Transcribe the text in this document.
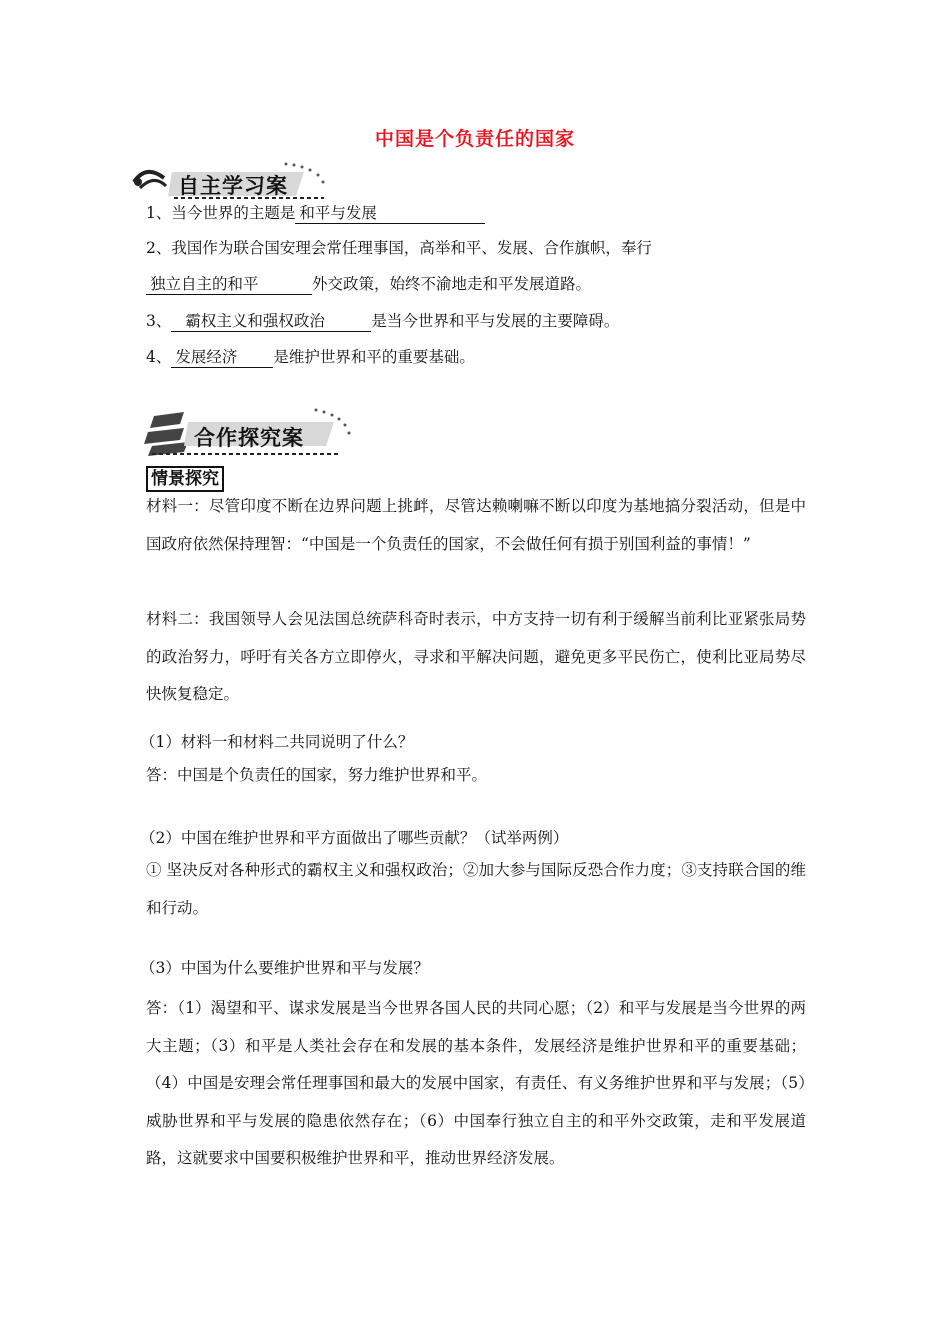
中国是个负责任的国家
自主学习案
1、当今世界的主题是 和平与发展
2、我国作为联合国安理会常任理事国，高举和平、发展、合作旗帜，奉行
独立自主的和平	外交政策，始终不渝地走和平发展道路。
3、 霸权主义和强权政治	是当今世界和平与发展的主要障碍。
4、 发展经济 是维护世界和平的重要基础。
合作探究案
情景探究
材料一：尽管印度不断在边界问题上挑衅，尽管达赖喇嘛不断以印度为基地搞分裂活动，但是中国政府依然保持理智：“中国是一个负责任的国家，不会做任何有损于别国利益的事情！”
材料二：我国领导人会见法国总统萨科奇时表示，中方支持一切有利于缓解当前利比亚紧张局势的政治努力，呼吁有关各方立即停火，寻求和平解决问题，避免更多平民伤亡，使利比亚局势尽快恢复稳定。
（1）材料一和材料二共同说明了什么？
答：中国是个负责任的国家，努力维护世界和平。
（2）中国在维护世界和平方面做出了哪些贡献？（试举两例）
① 坚决反对各种形式的霸权主义和强权政治；②加大参与国际反恐合作力度；③支持联合国的维和行动。
（3）中国为什么要维护世界和平与发展？
答：（1）渴望和平、谋求发展是当今世界各国人民的共同心愿；（2）和平与发展是当今世界的两大主题；（3）和平是人类社会存在和发展的基本条件，发展经济是维护世界和平的重要基础；（4）中国是安理会常任理事国和最大的发展中国家，有责任、有义务维护世界和平与发展；（5）威胁世界和平与发展的隐患依然存在；（6）中国奉行独立自主的和平外交政策，走和平发展道路，这就要求中国要积极维护世界和平，推动世界经济发展。
